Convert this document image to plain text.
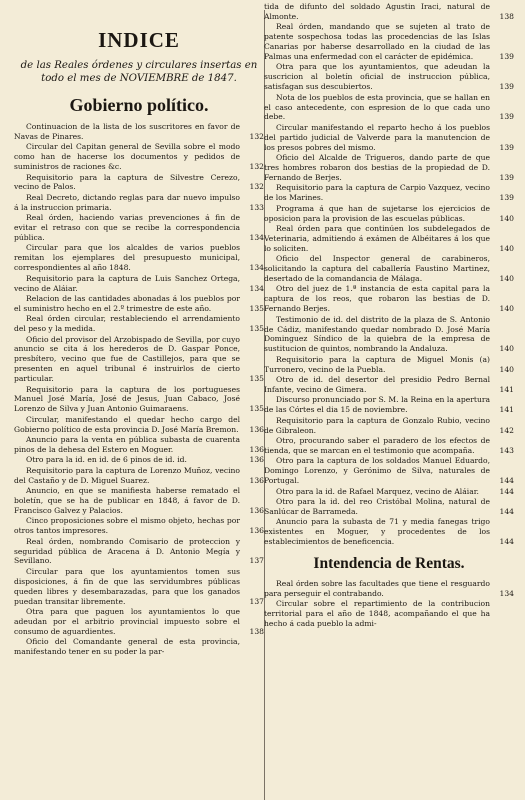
INDICE
de las Reales órdenes y circulares insertas en todo el mes de NOVIEMBRE de 1847.
Gobierno político.
Continuacion de la lista de los suscritores en favor de Navas de Pinares.	132
Circular del Capitan general de Sevilla sobre el modo como han de hacerse los documentos y pedidos de suministros de raciones &c.	132
Requisitorio para la captura de Silvestre Cerezo, vecino de Palos.	132
Real Decreto, dictando reglas para dar nuevo impulso á la instruccion primaria.	133
Real órden, haciendo varias prevenciones á fin de evitar el retraso con que se recibe la correspondencia pública.	134
Circular para que los alcaldes de varios pueblos remitan los ejemplares del presupuesto municipal, correspondientes al año 1848.	134
Requisitorio para la captura de Luis Sanchez Ortega, vecino de Aláiar.	134
Relacion de las cantidades abonadas á los pueblos por el suministro hecho en el 2.º trimestre de este año.	135
Real órden circular, restableciendo el arrendamiento del peso y la medida.	135
Oficio del provisor del Arzobispado de Sevilla, por cuyo anuncio se cita á los herederos de D. Gaspar Ponce, presbítero, vecino que fue de Castillejos, para que se presenten en aquel tribunal é instruirlos de cierto particular.	135
Requisitorio para la captura de los portugueses Manuel José María, José de Jesus, Juan Cabaco, José Lorenzo de Silva y Juan Antonio Guimaraens.	135
Circular, manifestando el quedar hecho cargo del Gobierno político de esta provincia D. José María Bremon.	136
Anuncio para la venta en pública subasta de cuarenta pinos de la dehesa del Estero en Moguer.	136
Otro para la id. en id. de 6 pinos de id. id.	136
Requisitorio para la captura de Lorenzo Muñoz, vecino del Castaño y de D. Miguel Suarez.	136
Anuncio, en que se manifiesta haberse rematado el boletín, que se ha de publicar en 1848, á favor de D. Francisco Galvez y Palacios.	136
Cinco proposiciones sobre el mismo objeto, hechas por otros tantos impresores.	136
Real órden, nombrando Comisario de proteccion y seguridad pública de Aracena á D. Antonio Megía y Sevillano.	137
Circular para que los ayuntamientos tomen sus disposiciones, á fin de que las servidumbres públicas queden libres y desembarazadas, para que los ganados puedan transitar libremente.	137
Otra para que paguen los ayuntamientos lo que adeudan por el arbitrio provincial impuesto sobre el consumo de aguardientes.	138
Oficio del Comandante general de esta provincia, manifestando tener en su poder la par-
tida de difunto del soldado Agustin Iraci, natural de Almonte.	138
Real órden, mandando que se sujeten al trato de patente sospechosa todas las procedencias de las Islas Canarias por haberse desarrollado en la ciudad de las Palmas una enfermedad con el carácter de epidémica.	139
Otra para que los ayuntamientos, que adeudan la suscricion al boletín oficial de instruccion pública, satisfagan sus descubiertos.	139
Nota de los pueblos de esta provincia, que se hallan en el caso antecedente, con espresion de lo que cada uno debe.	139
Circular manifestando el reparto hecho á los pueblos del partido judicial de Valverde para la manutencion de los presos pobres del mismo.	139
Oficio del Alcalde de Trigueros, dando parte de que tres hombres robaron dos bestias de la propiedad de D. Fernando de Berjes.	139
Requisitorio para la captura de Carpio Vazquez, vecino de los Marines.	139
Programa á que han de sujetarse los ejercicios de oposicion para la provision de las escuelas públicas.	140
Real órden para que continúen los subdelegados de Veterinaria, admitiendo á exámen de Albéitares á los que lo soliciten.	140
Oficio del Inspector general de carabineros, solicitando la captura del caballería Faustino Martinez, desertado de la comandancia de Málaga.	140
Otro del juez de 1.ª instancia de esta capital para la captura de los reos, que robaron las bestias de D. Fernando Berjes.	140
Testimonio de id. del distrito de la plaza de S. Antonio de Cádiz, manifestando quedar nombrado D. José María Dominguez Síndico de la quiebra de la empresa de sustitucion de quintos, nombrando la Andaluza.	140
Requisitorio para la captura de Miguel Monis (a) Turronero, vecino de la Puebla.	140
Otro de id. del desertor del presidio Pedro Bernal Infante, vecino de Gimera.	141
Discurso pronunciado por S. M. la Reina en la apertura de las Córtes el dia 15 de noviembre.	141
Requisitorio para la captura de Gonzalo Rubio, vecino de Gibraleon.	142
Otro, procurando saber el paradero de los efectos de tienda, que se marcan en el testimonio que acompaña.	143
Otro para la captura de los soldados Manuel Eduardo, Domingo Lorenzo, y Gerónimo de Silva, naturales de Portugal.	144
Otro para la id. de Rafael Marquez, vecino de Aláiar.	144
Otro para la id. del reo Cristóbal Molina, natural de Sanlúcar de Barrameda.	144
Anuncio para la subasta de 71 y media fanegas trigo existentes en Moguer, y procedentes de los establecimientos de beneficencia.	144
Intendencia de Rentas.
Real órden sobre las facultades que tiene el resguardo para perseguir el contrabando.	134
Circular sobre el repartimiento de la contribucion territorial para el año de 1848, acompañando el que ha hecho á cada pueblo la admi-
